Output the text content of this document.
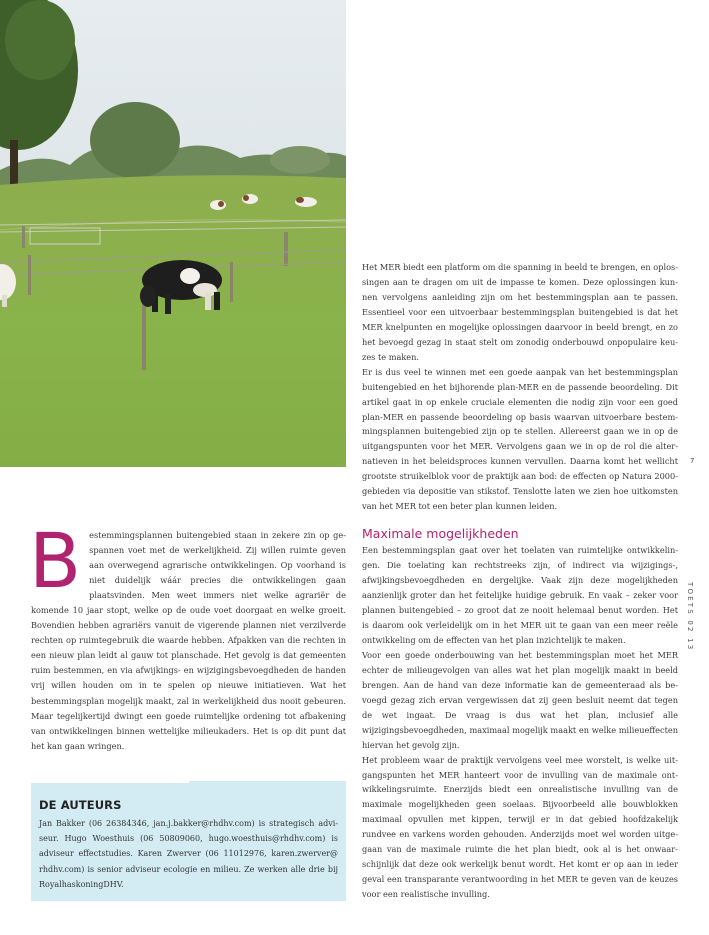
Het MER biedt een platform om die spanning in beeld te brengen, en oplossingen aan te dragen om uit de impasse te komen. Deze oplossingen kunnen vervolgens aanleiding zijn om het bestemmingsplan aan te passen. Essentieel voor een uitvoerbaar bestemmingsplan buitengebied is dat het MER knelpunten en mogelijke oplossingen daarvoor in beeld brengt, en zo het bevoegd gezag in staat stelt om zonodig onderbouwd onpopulaire keuzes te maken.

Er is dus veel te winnen met een goede aanpak van het bestemmingsplan buitengebied en het bijhorende plan-MER en de passende beoordeling. Dit artikel gaat in op enkele cruciale elementen die nodig zijn voor een goed plan-MER en passende beoordeling op basis waarvan uitvoerbare bestemmingsplannen buitengebied zijn op te stellen. Allereerst gaan we in op de uitgangspunten voor het MER. Vervolgens gaan we in op de rol die alternatieven in het beleidsproces kunnen vervullen. Daarna komt het wellicht grootste struikelblok voor de praktijk aan bod: de effecten op Natura 2000-gebieden via depositie van stikstof. Tenslotte laten we zien hoe uitkomsten van het MER tot een beter plan kunnen leiden.

Maximale mogelijkheden

Een bestemmingsplan gaat over het toelaten van ruimtelijke ontwikkelingen. Die toelating kan rechtstreeks zijn, of indirect via wijzigings-, afwijkingsbevoegdheden en dergelijke. Vaak zijn deze mogelijkheden aanzienlijk groter dan het feitelijke huidige gebruik. En vaak – zeker voor plannen buitengebied – zo groot dat ze nooit helemaal benut worden. Het is daarom ook verleidelijk om in het MER uit te gaan van een meer reële ontwikkeling om de effecten van het plan inzichtelijk te maken.

Voor een goede onderbouwing van het bestemmingsplan moet het MER echter de milieugevolgen van alles wat het plan mogelijk maakt in beeld brengen. Aan de hand van deze informatie kan de gemeenteraad als bevoegd gezag zich ervan vergewissen dat zij geen besluit neemt dat tegen de wet ingaat. De vraag is dus wat het plan, inclusief alle wijzigingsbevoegdheden, maximaal mogelijk maakt en welke milieueffecten hiervan het gevolg zijn.

Het probleem waar de praktijk vervolgens veel mee worstelt, is welke uitgangspunten het MER hanteert voor de invulling van de maximale ontwikkelingsruimte. Enerzijds biedt een onrealistische invulling van de maximale mogelijkheden geen soelaas. Bijvoorbeeld alle bouwblokken maximaal opvullen met kippen, terwijl er in dat gebied hoofdzakelijk rundvee en varkens worden gehouden. Anderzijds moet wel worden uitgegaan van de maximale ruimte die het plan biedt, ook al is het onwaarschijnlijk dat deze ook werkelijk benut wordt. Het komt er op aan in ieder geval een transparante verantwoording in het MER te geven van de keuzes voor een realistische invulling.

B estemmingsplannen buitengebied staan in zekere zin op gespannen voet met de werkelijkheid. Zij willen ruimte geven aan overwegend agrarische ontwikkelingen. Op voorhand is niet duidelijk wáár precies die ontwikkelingen gaan plaatsvinden. Men weet immers niet welke agrariër de komende 10 jaar stopt, welke op de oude voet doorgaat en welke groeit. Bovendien hebben agrariërs vanuit de vigerende plannen niet verzilverde rechten op ruimtegebruik die waarde hebben. Afpakken van die rechten in een nieuw plan leidt al gauw tot planschade. Het gevolg is dat gemeenten ruim bestemmen, en via afwijkings- en wijzigingsbevoegdheden de handen vrij willen houden om in te spelen op nieuwe initiatieven. Wat het bestemmingsplan mogelijk maakt, zal in werkelijkheid dus nooit gebeuren. Maar tegelijkertijd dwingt een goede ruimtelijke ordening tot afbakening van ontwikkelingen binnen wettelijke milieukaders. Het is op dit punt dat het kan gaan wringen.

DE AUTEURS
Jan Bakker (06 26384346, jan.j.bakker@rhdhv.com) is strategisch adviseur. Hugo Woesthuis (06 50809060, hugo.woesthuis@rhdhv.com) is adviseur effectstudies. Karen Zwerver (06 11012976, karen.zwerver@ rhdhv.com) is senior adviseur ecologie en milieu. Ze werken alle drie bij RoyalhaskoningDHV.
7
TOETS 02 13
